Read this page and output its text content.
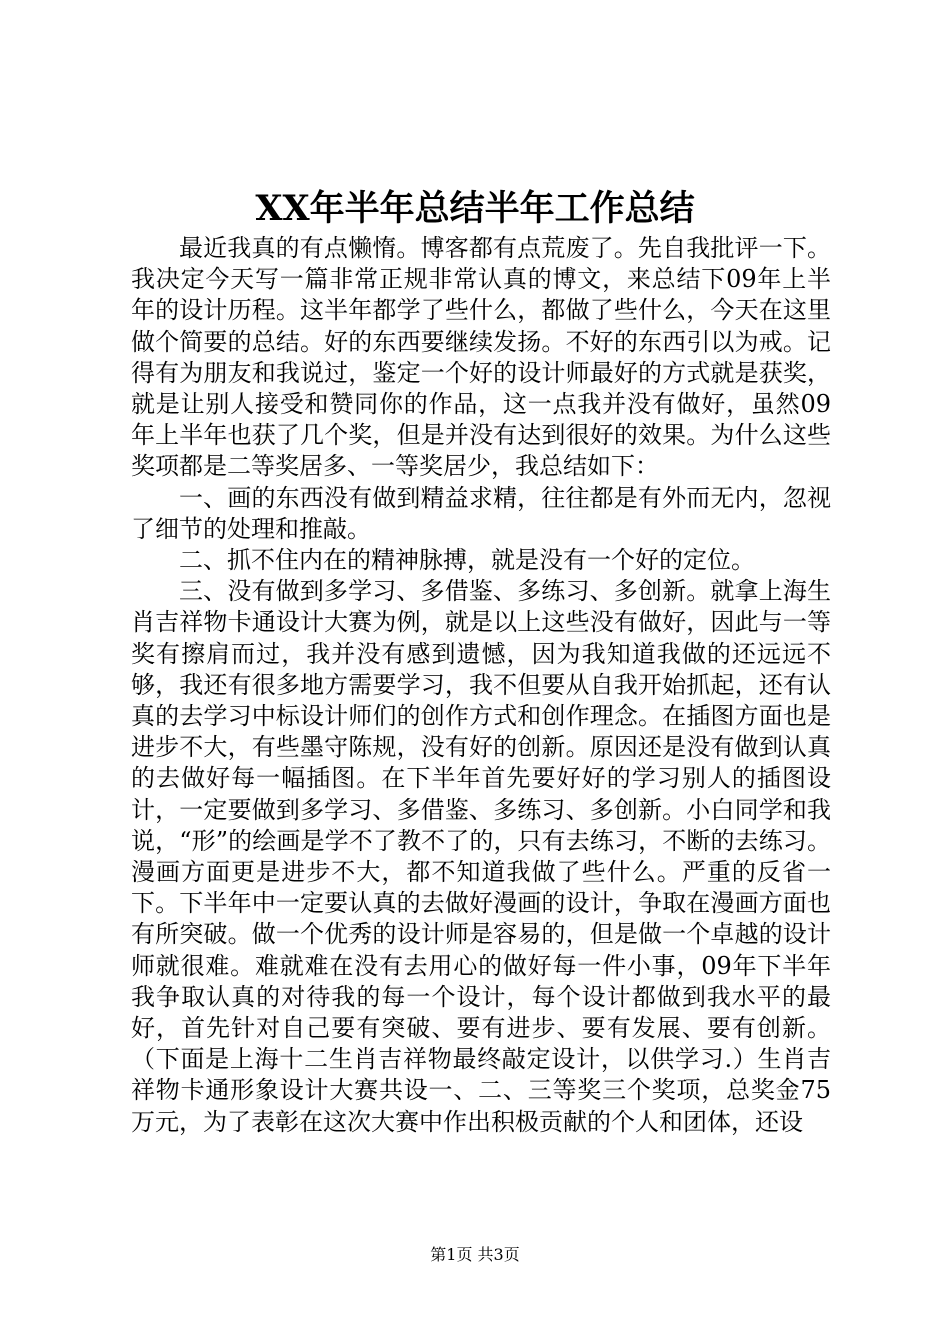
XX年半年总结半年工作总结

最近我真的有点懒惰。博客都有点荒废了。先自我批评一下。我决定今天写一篇非常正规非常认真的博文，来总结下09年上半年的设计历程。这半年都学了些什么，都做了些什么，今天在这里做个简要的总结。好的东西要继续发扬。不好的东西引以为戒。记得有为朋友和我说过，鉴定一个好的设计师最好的方式就是获奖，就是让别人接受和赞同你的作品，这一点我并没有做好，虽然09年上半年也获了几个奖，但是并没有达到很好的效果。为什么这些奖项都是二等奖居多、一等奖居少，我总结如下：

一、画的东西没有做到精益求精，往往都是有外而无内，忽视了细节的处理和推敲。

二、抓不住内在的精神脉搏，就是没有一个好的定位。

三、没有做到多学习、多借鉴、多练习、多创新。就拿上海生肖吉祥物卡通设计大赛为例，就是以上这些没有做好，因此与一等奖有擦肩而过，我并没有感到遗憾，因为我知道我做的还远远不够，我还有很多地方需要学习，我不但要从自我开始抓起，还有认真的去学习中标设计师们的创作方式和创作理念。在插图方面也是进步不大，有些墨守陈规，没有好的创新。原因还是没有做到认真的去做好每一幅插图。在下半年首先要好好的学习别人的插图设计，一定要做到多学习、多借鉴、多练习、多创新。小白同学和我说，“形”的绘画是学不了教不了的，只有去练习，不断的去练习。漫画方面更是进步不大，都不知道我做了些什么。严重的反省一下。下半年中一定要认真的去做好漫画的设计，争取在漫画方面也有所突破。做一个优秀的设计师是容易的，但是做一个卓越的设计师就很难。难就难在没有去用心的做好每一件小事，09年下半年我争取认真的对待我的每一个设计，每个设计都做到我水平的最好，首先针对自己要有突破、要有进步、要有发展、要有创新。（下面是上海十二生肖吉祥物最终敲定设计，以供学习.）生肖吉祥物卡通形象设计大赛共设一、二、三等奖三个奖项，总奖金75万元，为了表彰在这次大赛中作出积极贡献的个人和团体，还设

第1页 共3页
